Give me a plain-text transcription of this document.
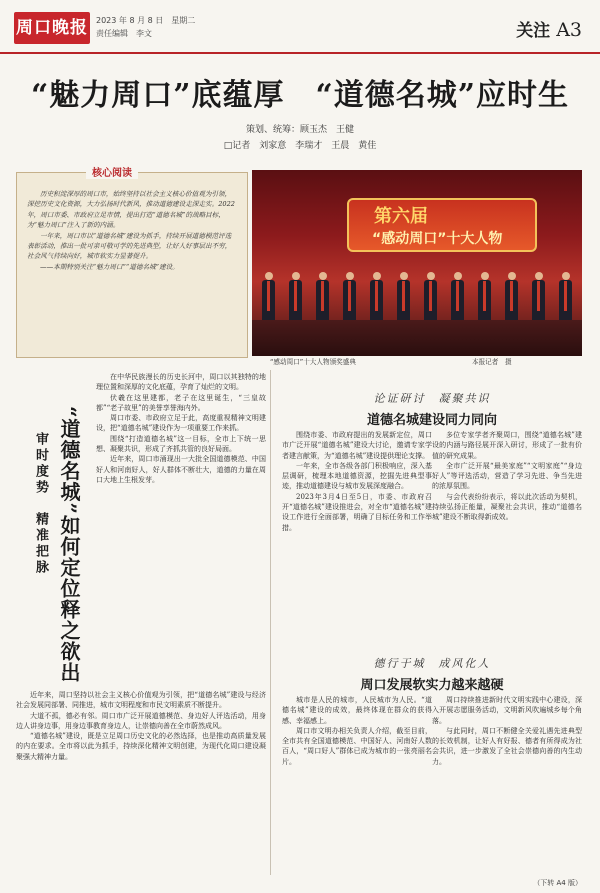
周口晚报 2023 年 8 月 8 日　星期二
责任编辑　李文	关注 A3
“魅力周口”底蕴厚　“道德名城”应时生
策划、统筹：顾玉杰　王健
□记者　刘家意　李瑞才　王晨　黄佳

历史积淀深厚的周口市，始终坚持以社会主义核心价值观为引领，深挖历史文化资源，大力弘扬时代新风，推动道德建设走深走实。2022年，周口市委、市政府立足市情，提出打造“道德名城”的战略目标，为“魅力周口”注入了新的内涵。

一年来，周口市以“道德名城”建设为抓手，持续开展道德模范评选表彰活动，推出一批可亲可敬可学的先进典型，让好人好事层出不穷，社会风气持续向好，城市软实力显著提升。

——本期特别关注“魅力周口”“道德名城”建设。

核心阅读
第六届
“感动周口”十大人物
“感动周口”十大人物颁奖盛典	本报记者　摄
“道德名城”如何定位释之欲出
审时度势　精准把脉

在中华民族漫长的历史长河中，周口以其独特的地理位置和深厚的文化底蕴，孕育了灿烂的文明。

伏羲在这里建都，老子在这里诞生，“三皇故都”“老子故里”的美誉享誉海内外。

周口市委、市政府立足于此，高度重视精神文明建设，把“道德名城”建设作为一项重要工作来抓。

围绕“打造道德名城”这一目标，全市上下统一思想、凝聚共识，形成了齐抓共管的良好局面。

近年来，周口市涌现出一大批全国道德模范、中国好人和河南好人，好人群体不断壮大，道德的力量在周口大地上生根发芽。

近年来，周口坚持以社会主义核心价值观为引领，把“道德名城”建设与经济社会发展同部署、同推进，城市文明程度和市民文明素质不断提升。

大道不孤，德必有邻。周口市广泛开展道德模范、身边好人评选活动，用身边人讲身边事，用身边事教育身边人，让崇德向善在全市蔚然成风。

“道德名城”建设，既是立足周口历史文化的必然选择，也是推动高质量发展的内在要求。全市将以此为抓手，持续深化精神文明创建，为现代化周口建设凝聚强大精神力量。

论证研讨　凝聚共识
道德名城建设同力同向

围绕市委、市政府提出的发展新定位，周口市广泛开展“道德名城”建设大讨论，邀请专家学者建言献策，为“道德名城”建设提供理论支撑。

一年来，全市各级各部门积极响应，深入基层调研，梳理本地道德资源，挖掘先进典型事迹，推动道德建设与城市发展深度融合。

2023年3月4日至5日，市委、市政府召开“道德名城”建设推进会，对全市“道德名城”建设工作进行全面部署，明确了目标任务和工作举措。

多位专家学者齐聚周口，围绕“道德名城”建设的内涵与路径展开深入研讨，形成了一批有价值的研究成果。

全市广泛开展“最美家庭”“文明家庭”“身边好人”等评选活动，营造了学习先进、争当先进的浓厚氛围。

与会代表纷纷表示，将以此次活动为契机，持续弘扬正能量，凝聚社会共识，推动“道德名城”建设不断取得新成效。

德行于城　成风化人
周口发展软实力越来越硬

城市是人民的城市，人民城市为人民。“道德名城”建设的成效，最终体现在群众的获得感、幸福感上。

周口市文明办相关负责人介绍，截至目前，全市共有全国道德模范、中国好人、河南好人数百人，“周口好人”群体已成为城市的一张亮丽名片。

周口持续推进新时代文明实践中心建设，深入开展志愿服务活动，文明新风吹遍城乡每个角落。

与此同时，周口不断健全关爱礼遇先进典型的长效机制，让好人有好报、德者有所得成为社会共识，进一步激发了全社会崇德向善的内生动力。

（下转 A4 版）
